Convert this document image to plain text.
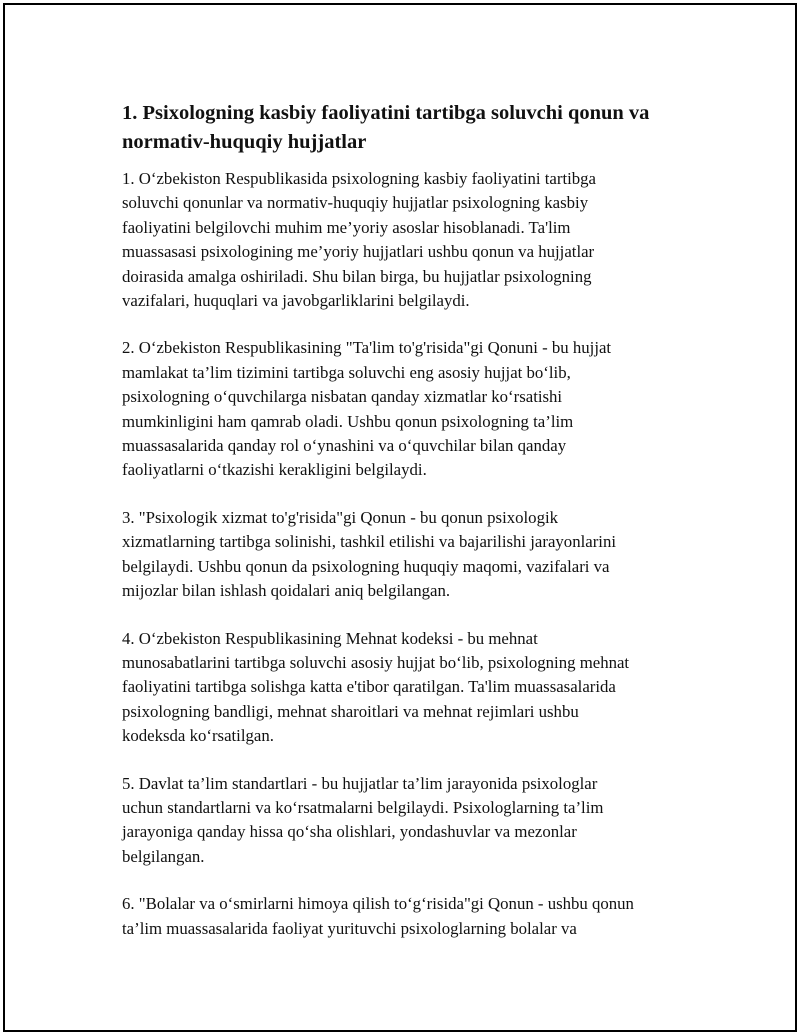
1. Psixologning kasbiy faoliyatini tartibga soluvchi qonun va
normativ-huquqiy hujjatlar

1. O‘zbekiston Respublikasida psixologning kasbiy faoliyatini tartibga
soluvchi qonunlar va normativ-huquqiy hujjatlar psixologning kasbiy
faoliyatini belgilovchi muhim me’yoriy asoslar hisoblanadi. Ta'lim
muassasasi psixologining me’yoriy hujjatlari ushbu qonun va hujjatlar
doirasida amalga oshiriladi. Shu bilan birga, bu hujjatlar psixologning
vazifalari, huquqlari va javobgarliklarini belgilaydi.

2. O‘zbekiston Respublikasining "Ta'lim to'g'risida"gi Qonuni - bu hujjat
mamlakat ta’lim tizimini tartibga soluvchi eng asosiy hujjat bo‘lib,
psixologning o‘quvchilarga nisbatan qanday xizmatlar ko‘rsatishi
mumkinligini ham qamrab oladi. Ushbu qonun psixologning ta’lim
muassasalarida qanday rol o‘ynashini va o‘quvchilar bilan qanday
faoliyatlarni o‘tkazishi kerakligini belgilaydi.

3. "Psixologik xizmat to'g'risida"gi Qonun - bu qonun psixologik
xizmatlarning tartibga solinishi, tashkil etilishi va bajarilishi jarayonlarini
belgilaydi. Ushbu qonun da psixologning huquqiy maqomi, vazifalari va
mijozlar bilan ishlash qoidalari aniq belgilangan.

4. O‘zbekiston Respublikasining Mehnat kodeksi - bu mehnat
munosabatlarini tartibga soluvchi asosiy hujjat bo‘lib, psixologning mehnat
faoliyatini tartibga solishga katta e'tibor qaratilgan. Ta'lim muassasalarida
psixologning bandligi, mehnat sharoitlari va mehnat rejimlari ushbu
kodeksda ko‘rsatilgan.

5. Davlat ta’lim standartlari - bu hujjatlar ta’lim jarayonida psixologlar
uchun standartlarni va ko‘rsatmalarni belgilaydi. Psixologlarning ta’lim
jarayoniga qanday hissa qo‘sha olishlari, yondashuvlar va mezonlar
belgilangan.

6. "Bolalar va o‘smirlarni himoya qilish to‘g‘risida"gi Qonun - ushbu qonun
ta’lim muassasalarida faoliyat yurituvchi psixologlarning bolalar va
